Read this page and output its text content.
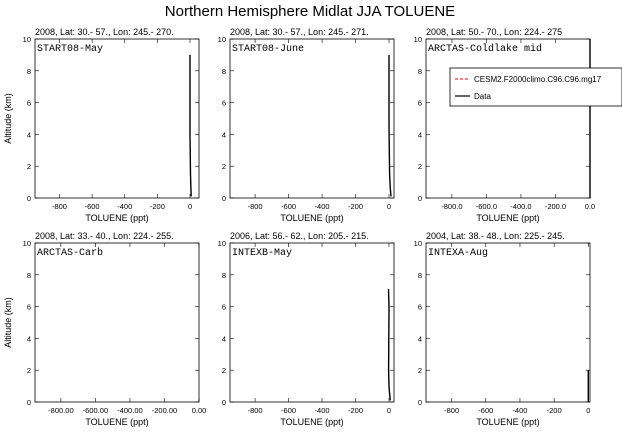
Northern Hemisphere Midlat JJA TOLUENE
2008, Lat: 30.- 57., Lon: 245.- 270.
START08-May
-800 -600 -400 -200	0
0
2
4
6
8
10
TOLUENE (ppt)
Altitude (km)
2008, Lat: 30.- 57., Lon: 245.- 271.
START08-June
-800 -600 -400 -200	0
0
2
4
6
8
10
TOLUENE (ppt)
2008, Lat: 50.- 70., Lon: 224.- 275
ARCTAS-Coldlake mid
-800.0 -600.0 -400.0 -200.0 0.0
0
2
4
6
8
10
TOLUENE (ppt)
2008, Lat: 33.- 40., Lon: 224.- 255.
ARCTAS-Carb
-800.00 -600.00 -400.00 -200.00 0.00
0
2
4
6
8
10
TOLUENE (ppt)
Altitude (km)
2006, Lat: 56.- 62., Lon: 205.- 215.
INTEXB-May
-800 -600 -400 -200	0
0
2
4
6
8
10
TOLUENE (ppt)
2004, Lat: 38.- 48., Lon: 225.- 245.
INTEXA-Aug
-800	-600	-400	-200	0
0
2
4
6
8
10
TOLUENE (ppt)
CESM2.F2000climo.C96.C96.mg17
Data
